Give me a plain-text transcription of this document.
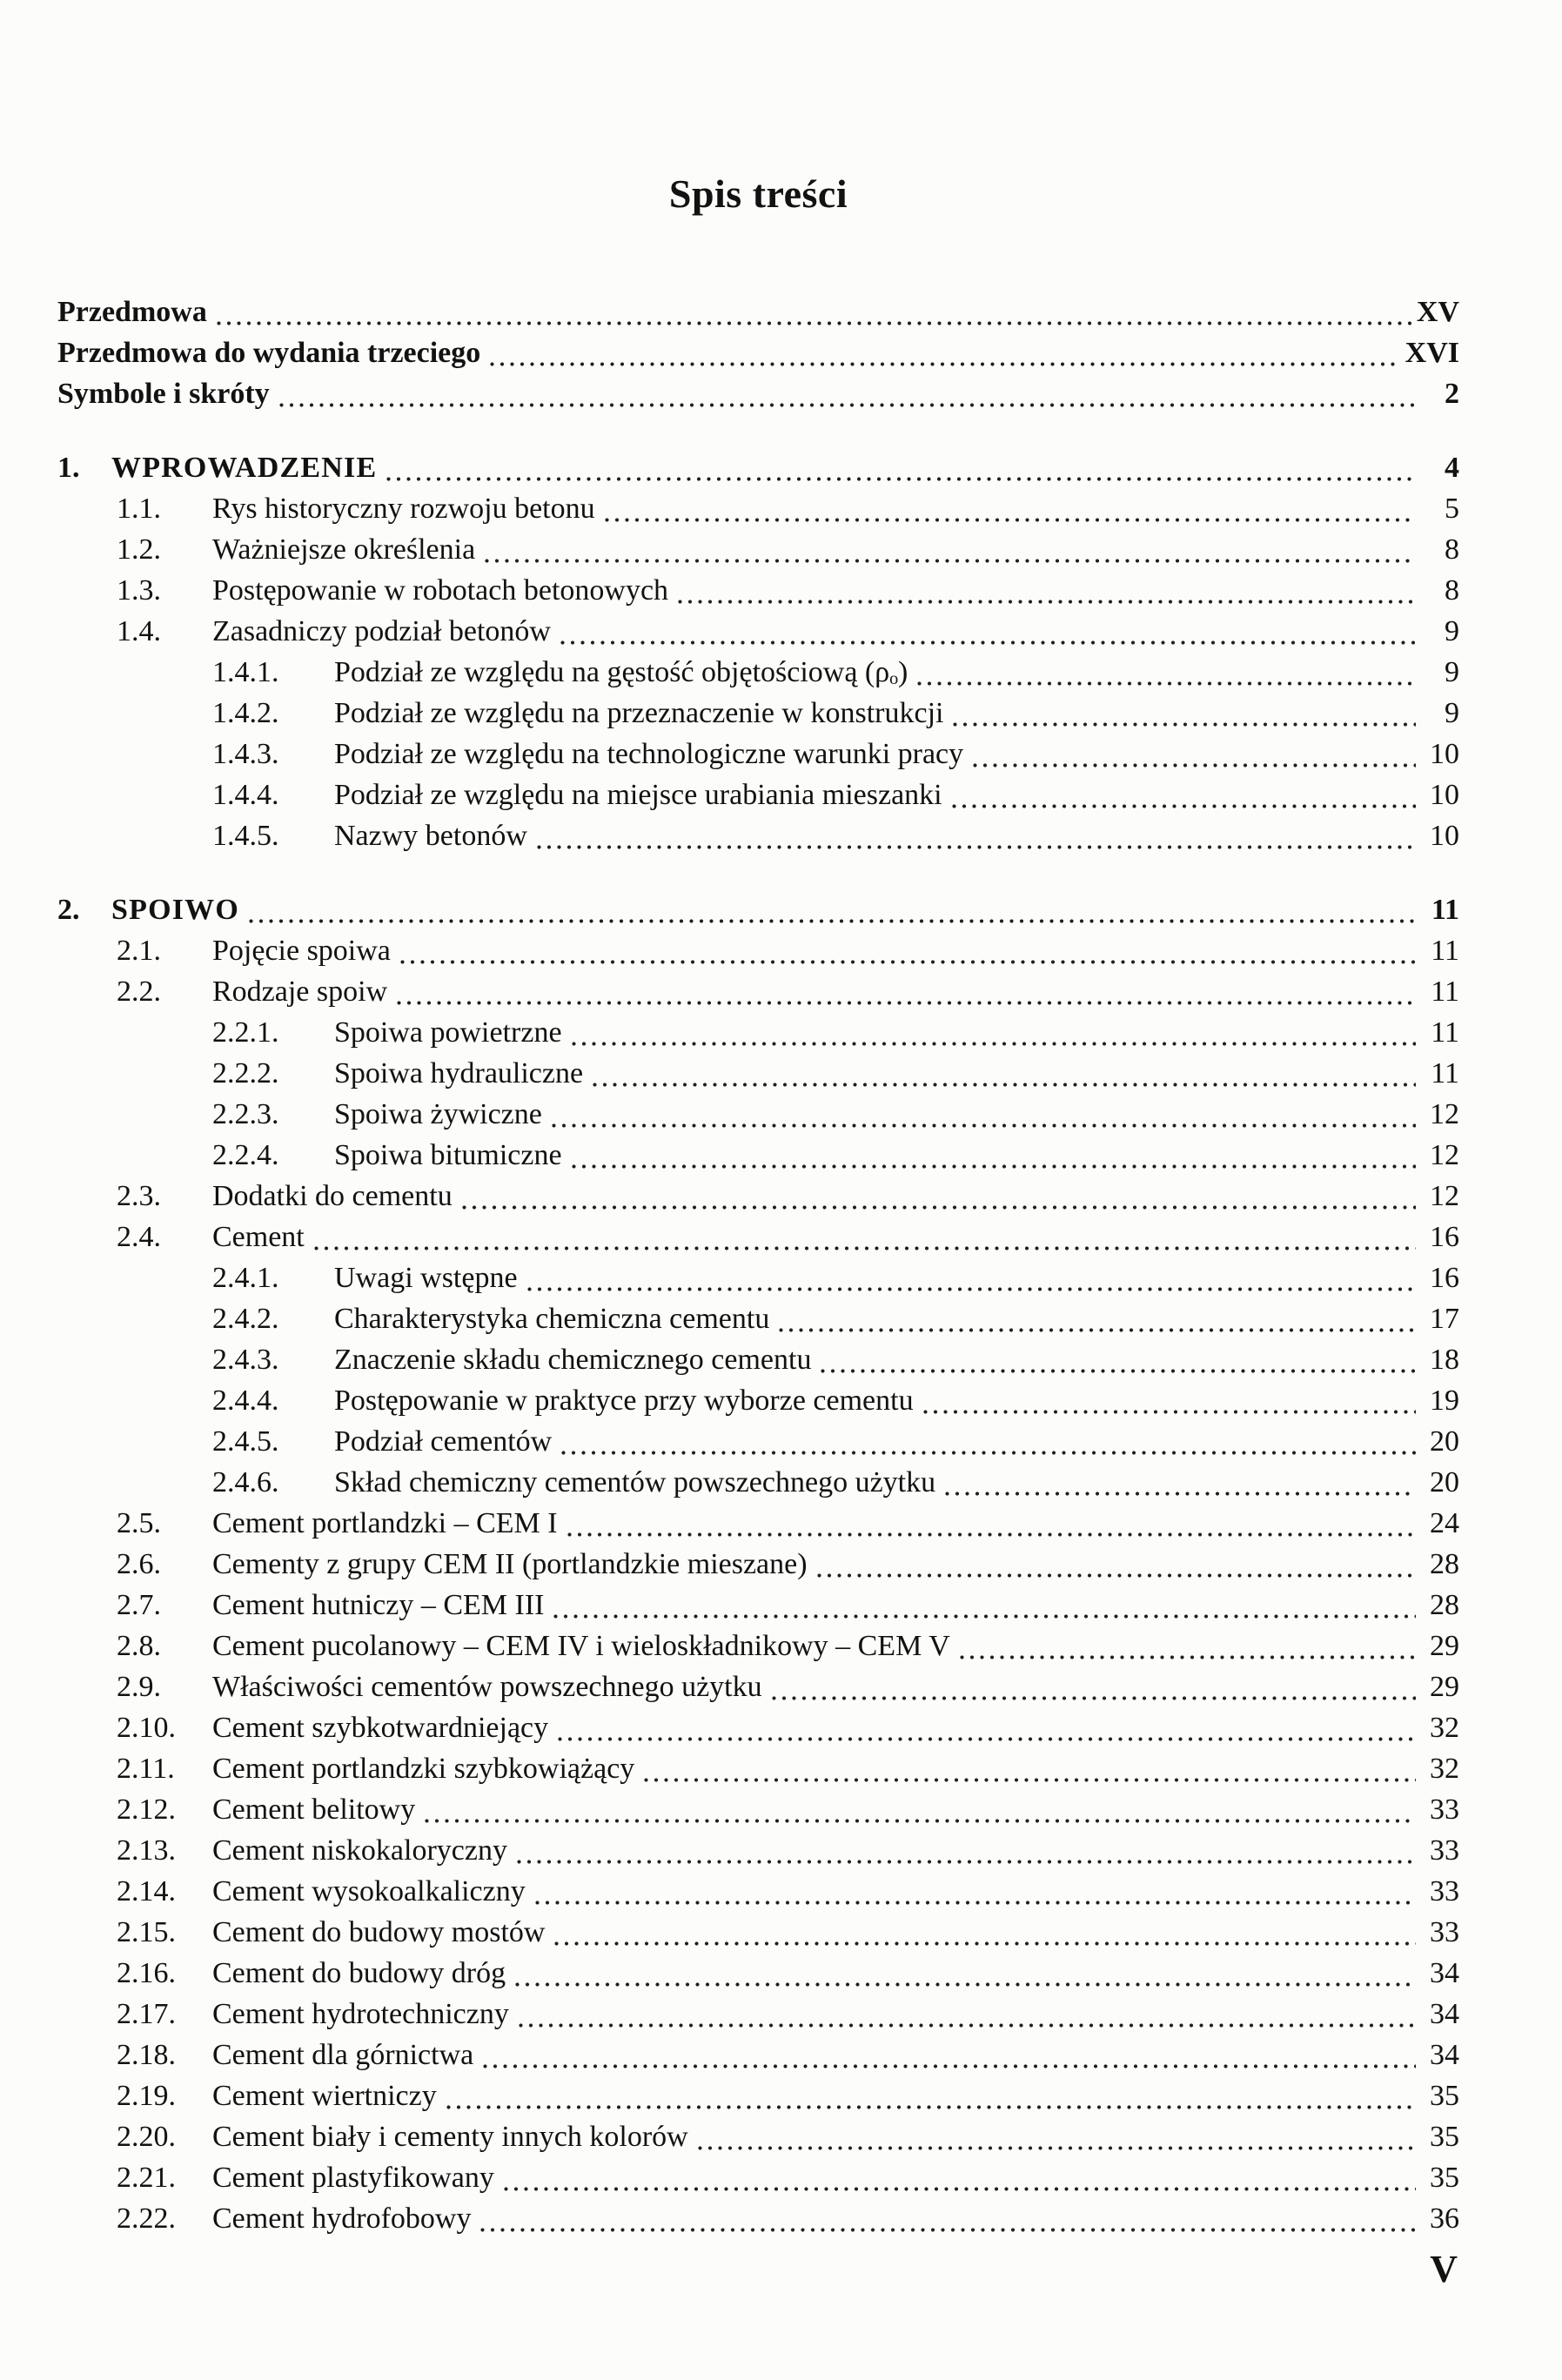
Spis treści
Przedmowa	XV
Przedmowa do wydania trzeciego	XVI
Symbole i skróty	2
1.	WPROWADZENIE	4
1.1.	Rys historyczny rozwoju betonu	5
1.2.	Ważniejsze określenia	8
1.3.	Postępowanie w robotach betonowych	8
1.4.	Zasadniczy podział betonów	9
1.4.1.	Podział ze względu na gęstość objętościową (ρₒ)	9
1.4.2.	Podział ze względu na przeznaczenie w konstrukcji	9
1.4.3.	Podział ze względu na technologiczne warunki pracy	10
1.4.4.	Podział ze względu na miejsce urabiania mieszanki	10
1.4.5.	Nazwy betonów	10
2.	SPOIWO	11
2.1.	Pojęcie spoiwa	11
2.2.	Rodzaje spoiw	11
2.2.1.	Spoiwa powietrzne	11
2.2.2.	Spoiwa hydrauliczne	11
2.2.3.	Spoiwa żywiczne	12
2.2.4.	Spoiwa bitumiczne	12
2.3.	Dodatki do cementu	12
2.4.	Cement	16
2.4.1.	Uwagi wstępne	16
2.4.2.	Charakterystyka chemiczna cementu	17
2.4.3.	Znaczenie składu chemicznego cementu	18
2.4.4.	Postępowanie w praktyce przy wyborze cementu	19
2.4.5.	Podział cementów	20
2.4.6.	Skład chemiczny cementów powszechnego użytku	20
2.5.	Cement portlandzki – CEM I	24
2.6.	Cementy z grupy CEM II (portlandzkie mieszane)	28
2.7.	Cement hutniczy – CEM III	28
2.8.	Cement pucolanowy – CEM IV i wieloskładnikowy – CEM V	29
2.9.	Właściwości cementów powszechnego użytku	29
2.10.	Cement szybkotwardniejący	32
2.11.	Cement portlandzki szybkowiążący	32
2.12.	Cement belitowy	33
2.13.	Cement niskokaloryczny	33
2.14.	Cement wysokoalkaliczny	33
2.15.	Cement do budowy mostów	33
2.16.	Cement do budowy dróg	34
2.17.	Cement hydrotechniczny	34
2.18.	Cement dla górnictwa	34
2.19.	Cement wiertniczy	35
2.20.	Cement biały i cementy innych kolorów	35
2.21.	Cement plastyfikowany	35
2.22.	Cement hydrofobowy	36
V
